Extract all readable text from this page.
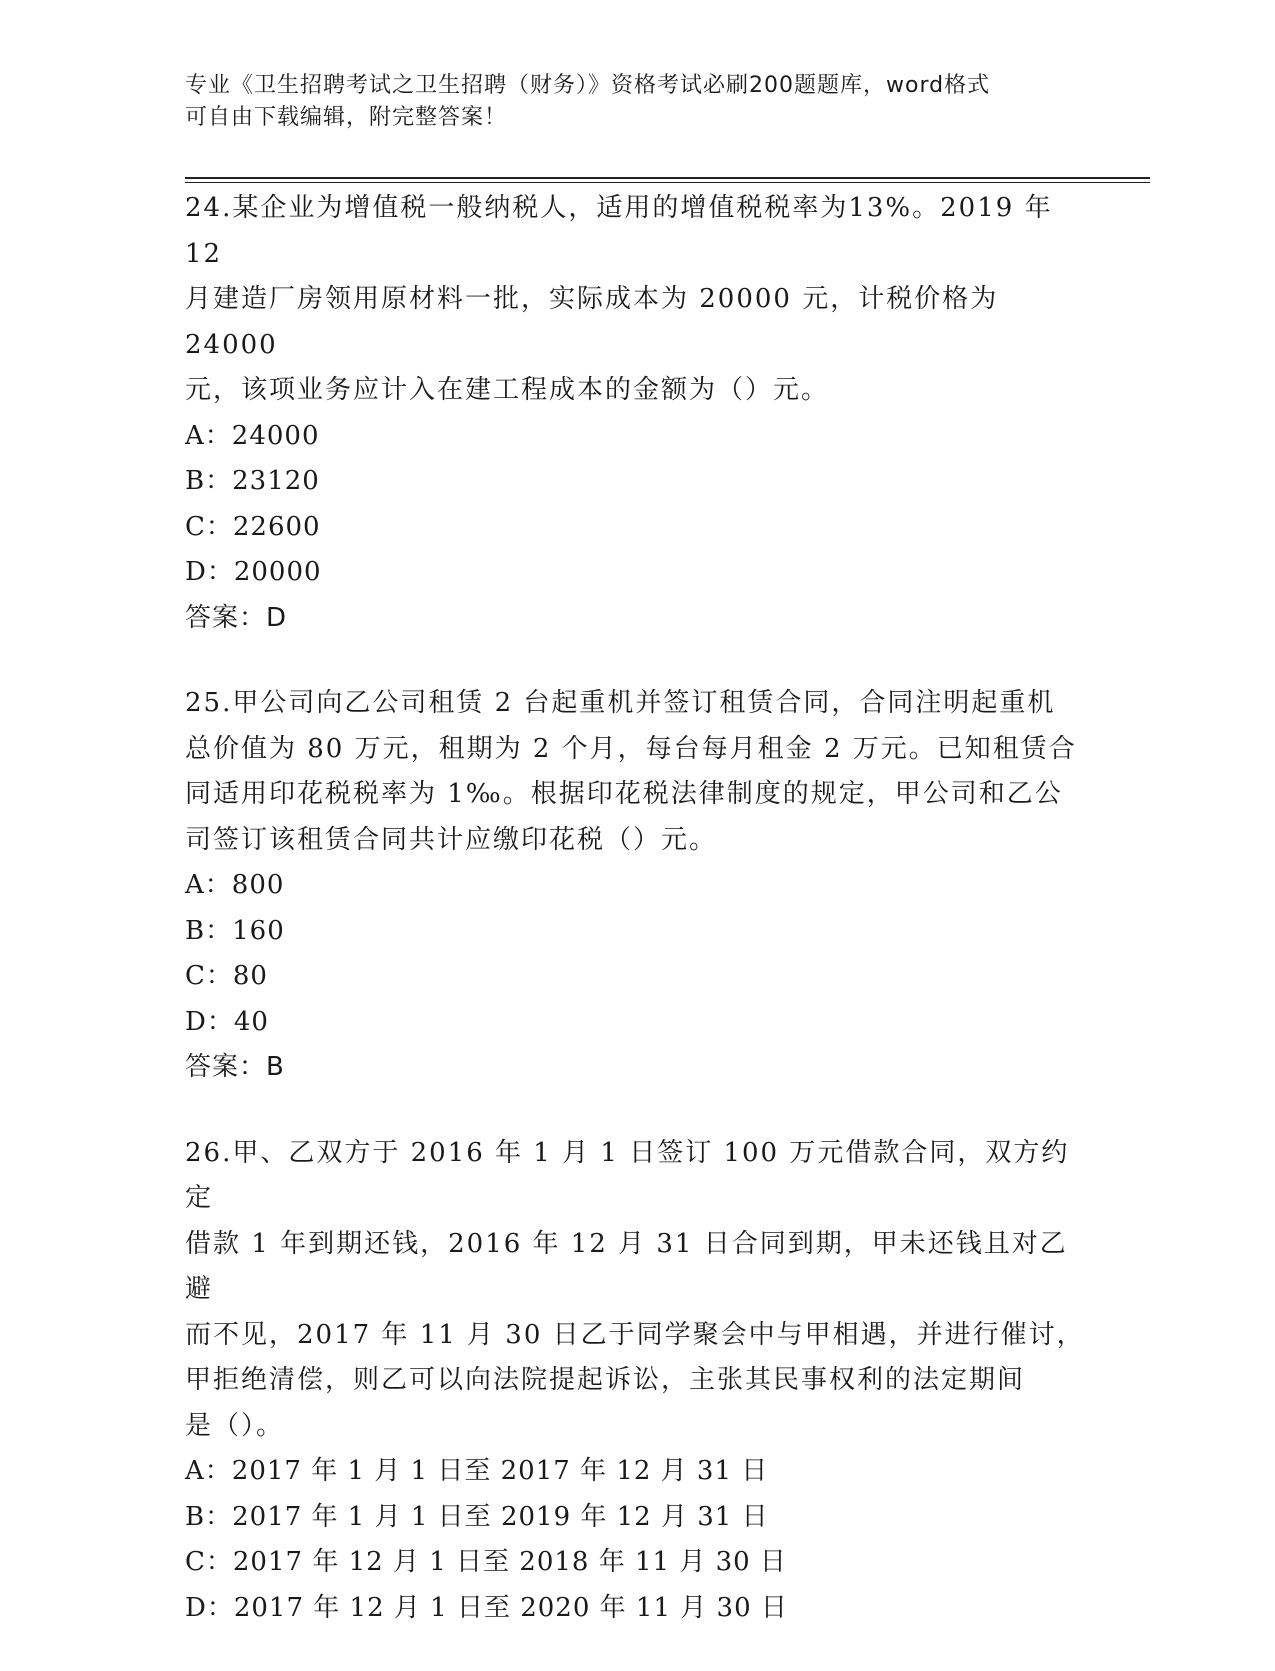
专业《卫生招聘考试之卫生招聘（财务）》资格考试必刷200题题库，word格式
可自由下载编辑，附完整答案！

24.某企业为增值税一般纳税人，适用的增值税税率为13%。2019 年 12

月建造厂房领用原材料一批，实际成本为 20000 元，计税价格为 24000

元，该项业务应计入在建工程成本的金额为（）元。

A：24000

B：23120

C：22600

D：20000

答案：D

25.甲公司向乙公司租赁 2 台起重机并签订租赁合同，合同注明起重机

总价值为 80 万元，租期为 2 个月，每台每月租金 2 万元。已知租赁合

同适用印花税税率为 1‰。根据印花税法律制度的规定，甲公司和乙公

司签订该租赁合同共计应缴印花税（）元。

A：800

B：160

C：80

D：40

答案：B

26.甲、乙双方于 2016 年 1 月 1 日签订 100 万元借款合同，双方约定

借款 1 年到期还钱，2016 年 12 月 31 日合同到期，甲未还钱且对乙避

而不见，2017 年 11 月 30 日乙于同学聚会中与甲相遇，并进行催讨，

甲拒绝清偿，则乙可以向法院提起诉讼，主张其民事权利的法定期间

是（）。

A：2017 年 1 月 1 日至 2017 年 12 月 31 日

B：2017 年 1 月 1 日至 2019 年 12 月 31 日

C：2017 年 12 月 1 日至 2018 年 11 月 30 日

D：2017 年 12 月 1 日至 2020 年 11 月 30 日
